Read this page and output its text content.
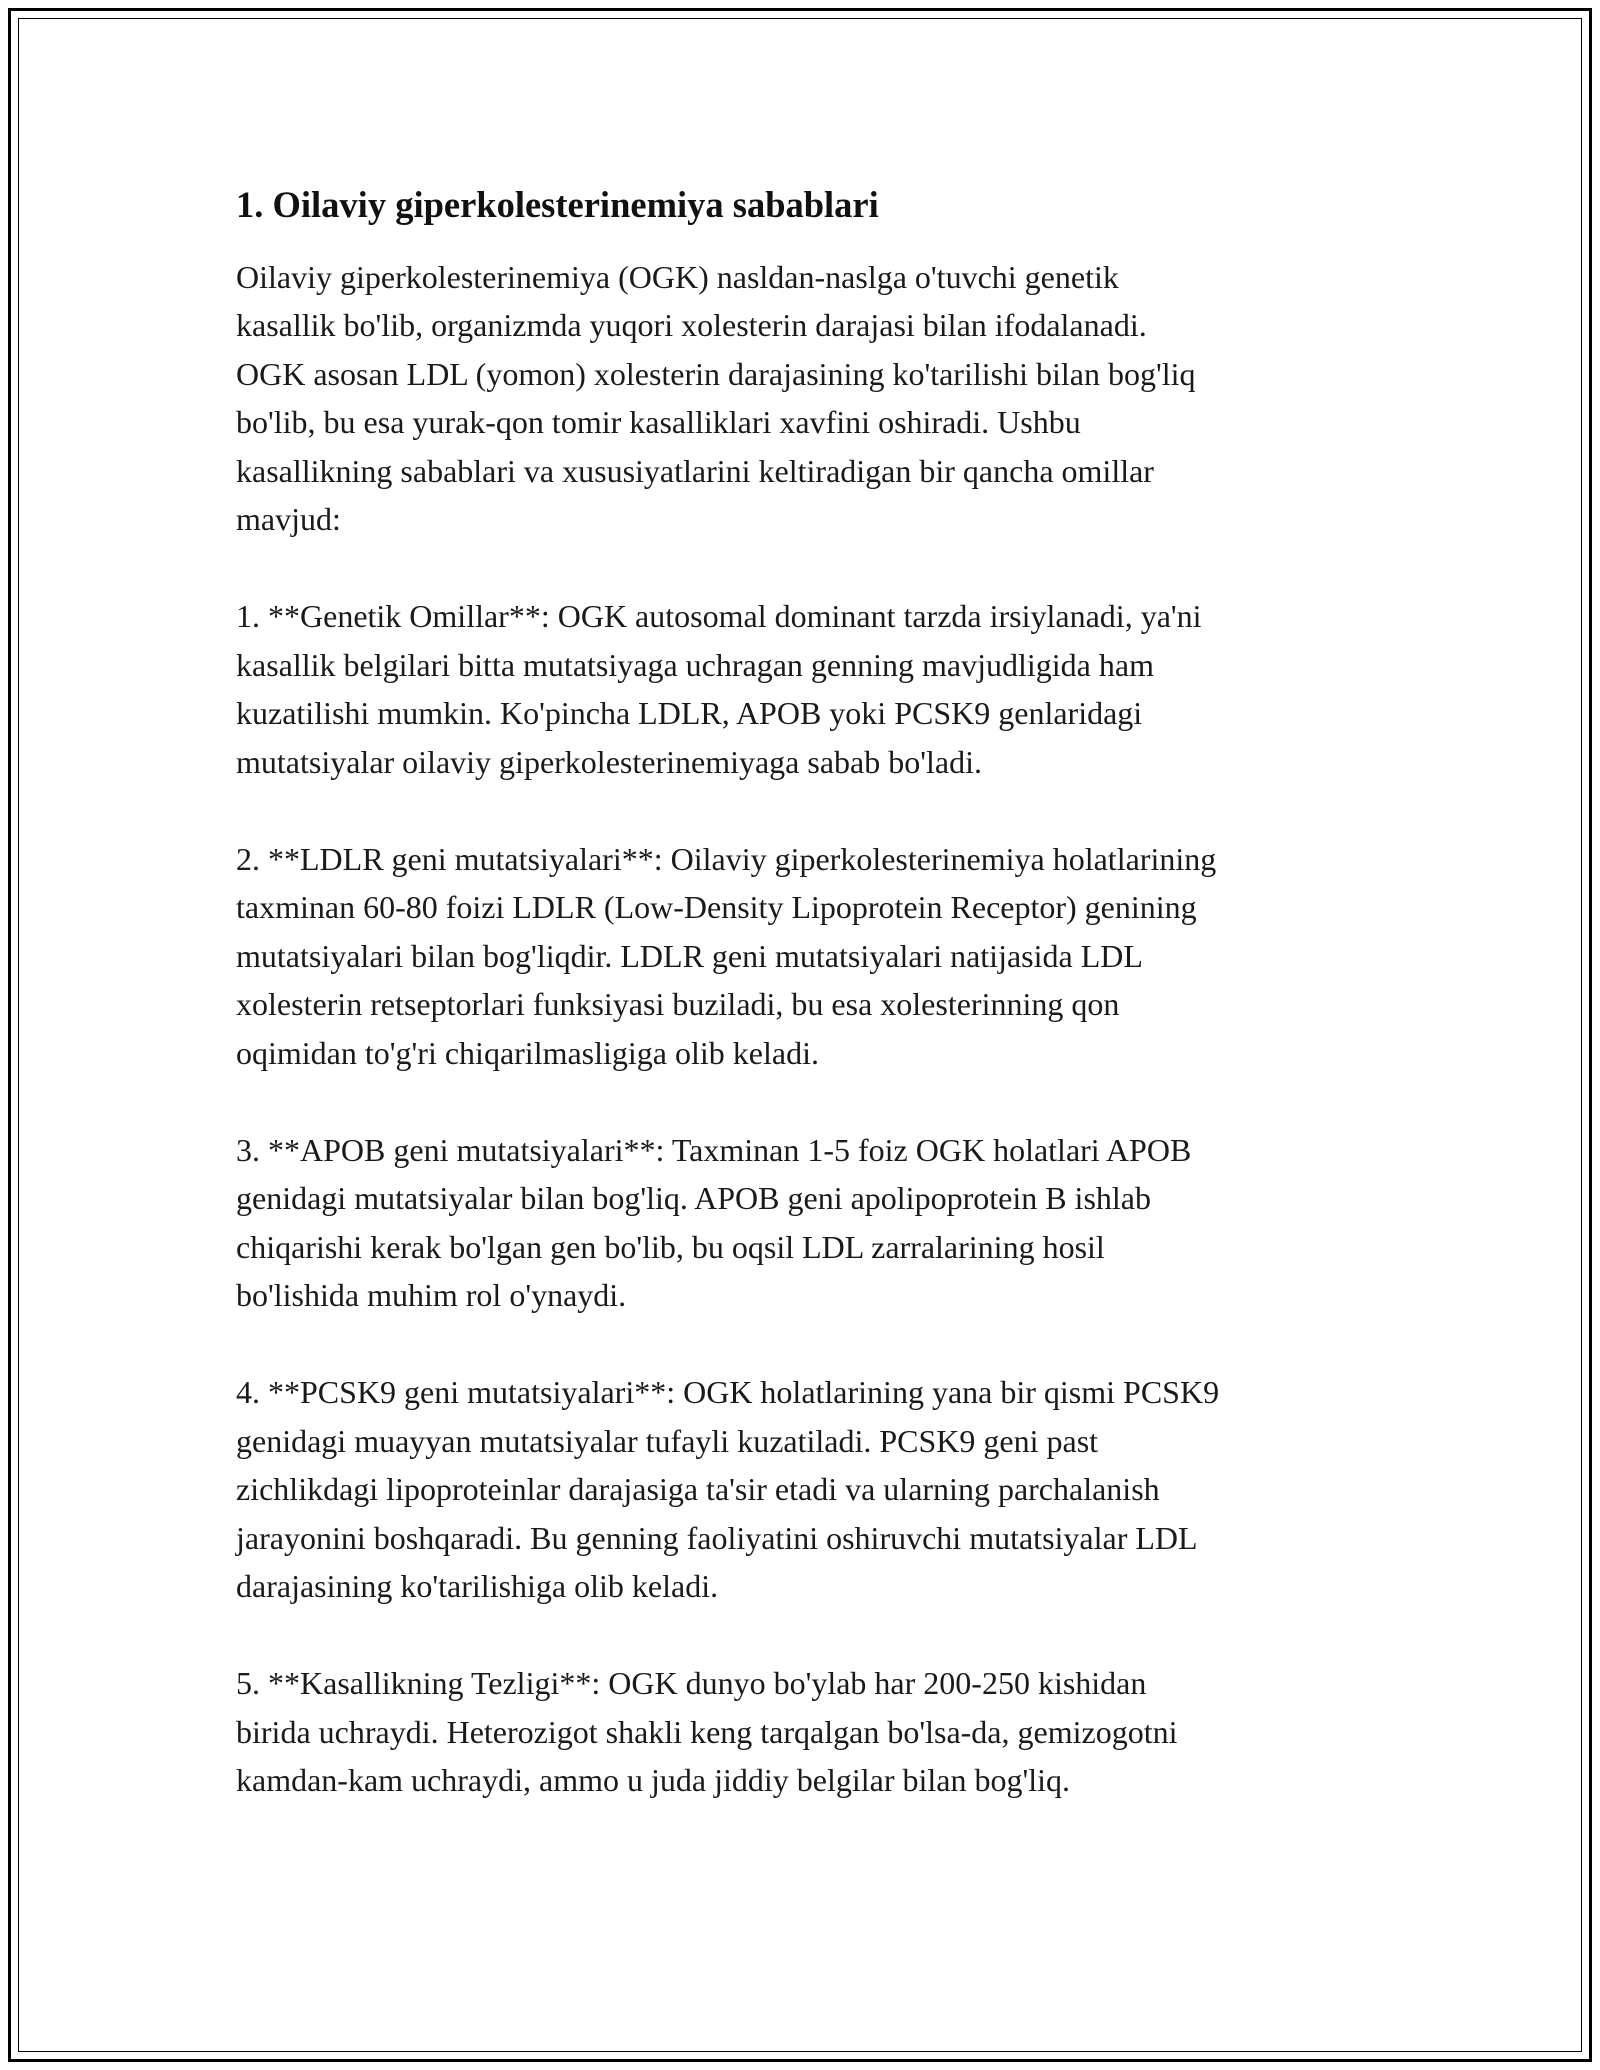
1. Oilaviy giperkolesterinemiya sabablari

Oilaviy giperkolesterinemiya (OGK) nasldan-naslga o'tuvchi genetik
kasallik bo'lib, organizmda yuqori xolesterin darajasi bilan ifodalanadi.
OGK asosan LDL (yomon) xolesterin darajasining ko'tarilishi bilan bog'liq
bo'lib, bu esa yurak-qon tomir kasalliklari xavfini oshiradi. Ushbu
kasallikning sabablari va xususiyatlarini keltiradigan bir qancha omillar
mavjud:

1. **Genetik Omillar**: OGK autosomal dominant tarzda irsiylanadi, ya'ni
kasallik belgilari bitta mutatsiyaga uchragan genning mavjudligida ham
kuzatilishi mumkin. Ko'pincha LDLR, APOB yoki PCSK9 genlaridagi
mutatsiyalar oilaviy giperkolesterinemiyaga sabab bo'ladi.

2. **LDLR geni mutatsiyalari**: Oilaviy giperkolesterinemiya holatlarining
taxminan 60-80 foizi LDLR (Low-Density Lipoprotein Receptor) genining
mutatsiyalari bilan bog'liqdir. LDLR geni mutatsiyalari natijasida LDL
xolesterin retseptorlari funksiyasi buziladi, bu esa xolesterinning qon
oqimidan to'g'ri chiqarilmasligiga olib keladi.

3. **APOB geni mutatsiyalari**: Taxminan 1-5 foiz OGK holatlari APOB
genidagi mutatsiyalar bilan bog'liq. APOB geni apolipoprotein B ishlab
chiqarishi kerak bo'lgan gen bo'lib, bu oqsil LDL zarralarining hosil
bo'lishida muhim rol o'ynaydi.

4. **PCSK9 geni mutatsiyalari**: OGK holatlarining yana bir qismi PCSK9
genidagi muayyan mutatsiyalar tufayli kuzatiladi. PCSK9 geni past
zichlikdagi lipoproteinlar darajasiga ta'sir etadi va ularning parchalanish
jarayonini boshqaradi. Bu genning faoliyatini oshiruvchi mutatsiyalar LDL
darajasining ko'tarilishiga olib keladi.

5. **Kasallikning Tezligi**: OGK dunyo bo'ylab har 200-250 kishidan
birida uchraydi. Heterozigot shakli keng tarqalgan bo'lsa-da, gemizogotni
kamdan-kam uchraydi, ammo u juda jiddiy belgilar bilan bog'liq.
